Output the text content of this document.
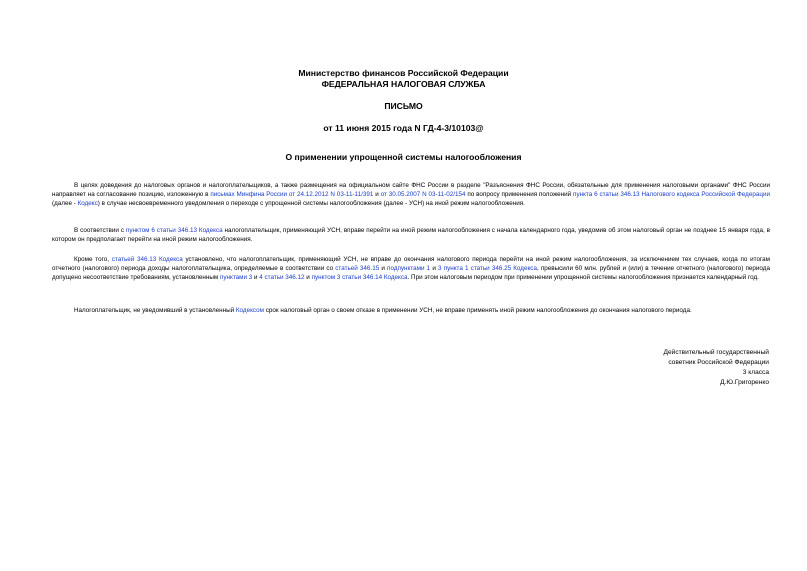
Министерство финансов Российской Федерации
ФЕДЕРАЛЬНАЯ НАЛОГОВАЯ СЛУЖБА
ПИСЬМО
от 11 июня 2015 года N ГД-4-3/10103@
О применении упрощенной системы налогообложения
В целях доведения до налоговых органов и налогоплательщиков, а также размещения на официальном сайте ФНС России в разделе "Разъяснения ФНС России, обязательные для применения налоговыми органами" ФНС России направляет на согласование позицию, изложенную в письмах Минфина России от 24.12.2012 N 03-11-11/391 и от 30.05.2007 N 03-11-02/154 по вопросу применения положений пункта 6 статьи 346.13 Налогового кодекса Российской Федерации (далее - Кодекс) в случае несвоевременного уведомления о переходе с упрощенной системы налогообложения (далее - УСН) на иной режим налогообложения.
В соответствии с пунктом 6 статьи 346.13 Кодекса налогоплательщик, применяющий УСН, вправе перейти на иной режим налогообложения с начала календарного года, уведомив об этом налоговый орган не позднее 15 января года, в котором он предполагает перейти на иной режим налогообложения.
Кроме того, статьей 346.13 Кодекса установлено, что налогоплательщик, применяющий УСН, не вправе до окончания налогового периода перейти на иной режим налогообложения, за исключением тех случаев, когда по итогам отчетного (налогового) периода доходы налогоплательщика, определяемые в соответствии со статьей 346.15 и подпунктами 1 и 3 пункта 1 статьи 346.25 Кодекса, превысили 60 млн. рублей и (или) в течение отчетного (налогового) периода допущено несоответствие требованиям, установленным пунктами 3 и 4 статьи 346.12 и пунктом 3 статьи 346.14 Кодекса. При этом налоговым периодом при применении упрощенной системы налогообложения признается календарный год.
Налогоплательщик, не уведомивший в установленный Кодексом срок налоговый орган о своем отказе в применении УСН, не вправе применять иной режим налогообложения до окончания налогового периода.
Действительный государственный
советник Российской Федерации
3 класса
Д.Ю.Григоренко
